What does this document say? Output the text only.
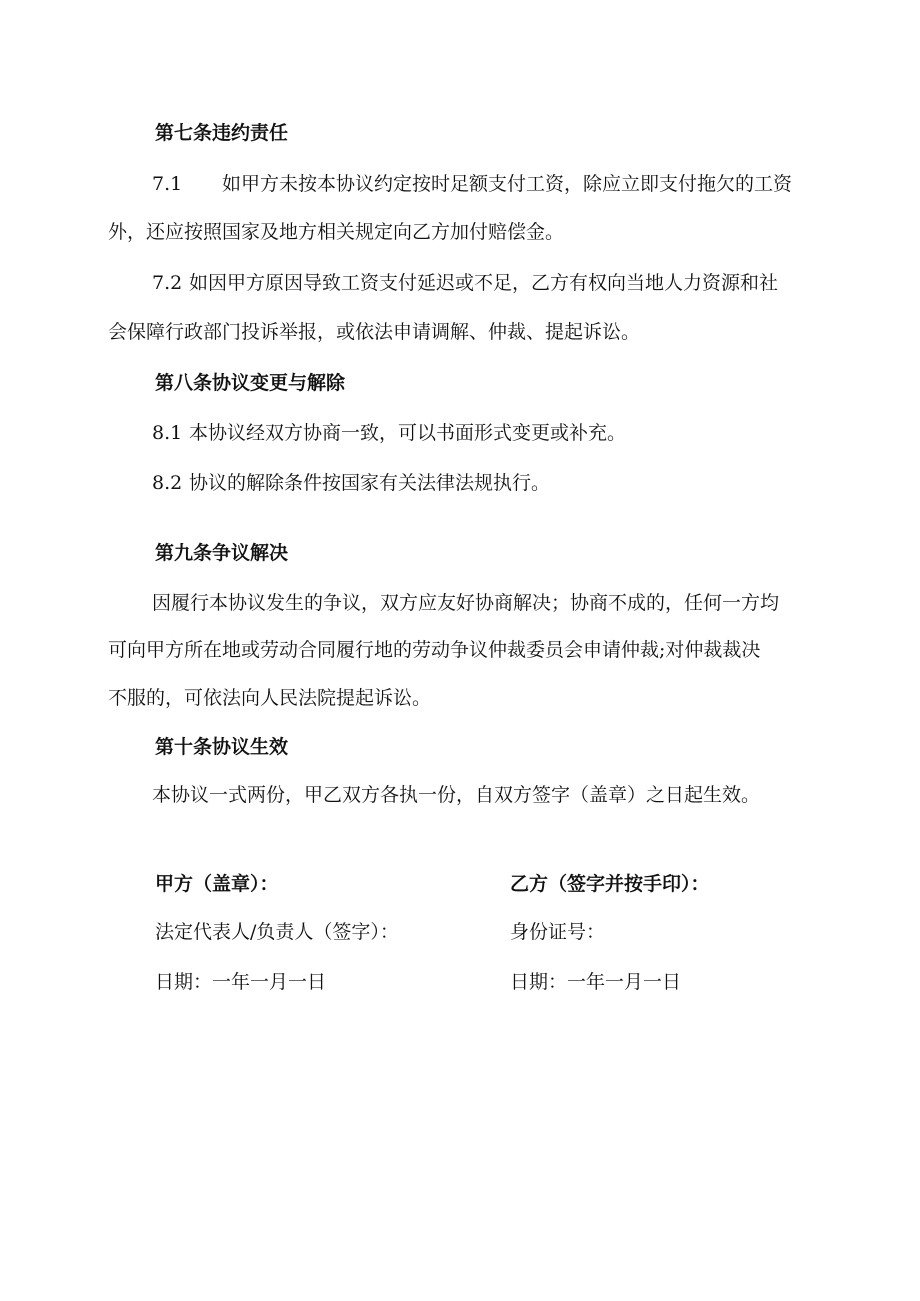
第七条违约责任
7.1 如甲方未按本协议约定按时足额支付工资，除应立即支付拖欠的工资
外，还应按照国家及地方相关规定向乙方加付赔偿金。
7.2 如因甲方原因导致工资支付延迟或不足，乙方有权向当地人力资源和社
会保障行政部门投诉举报，或依法申请调解、仲裁、提起诉讼。
第八条协议变更与解除
8.1 本协议经双方协商一致，可以书面形式变更或补充。
8.2 协议的解除条件按国家有关法律法规执行。
第九条争议解决
因履行本协议发生的争议，双方应友好协商解决；协商不成的，任何一方均
可向甲方所在地或劳动合同履行地的劳动争议仲裁委员会申请仲裁;对仲裁裁决
不服的，可依法向人民法院提起诉讼。
第十条协议生效
本协议一式两份，甲乙双方各执一份，自双方签字（盖章）之日起生效。
甲方（盖章）：
法定代表人/负责人（签字）：
日期：一年一月一日
乙方（签字并按手印）：
身份证号：
日期：一年一月一日
